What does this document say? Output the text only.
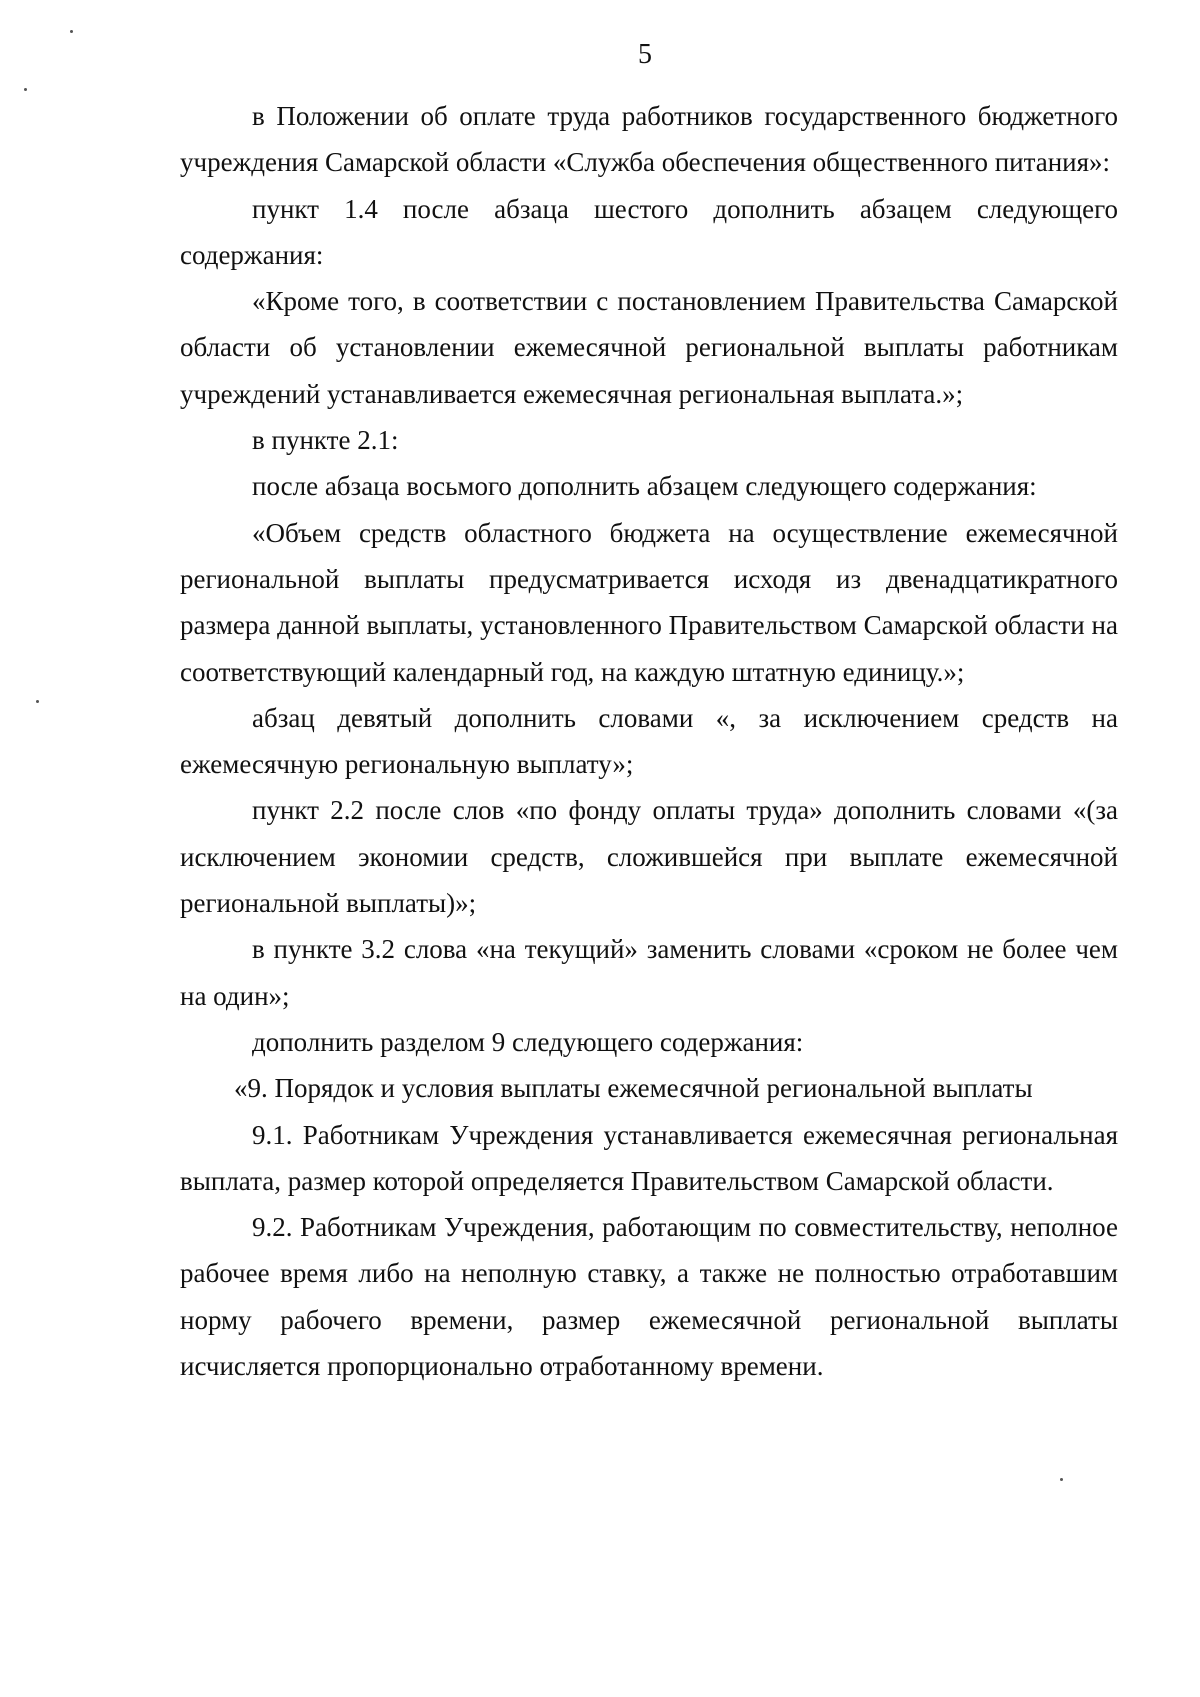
5

в Положении об оплате труда работников государственного бюджетного учреждения Самарской области «Служба обеспечения общественного питания»:

пункт 1.4 после абзаца шестого дополнить абзацем следующего содержания:

«Кроме того, в соответствии с постановлением Правительства Самарской области об установлении ежемесячной региональной выплаты работникам учреждений устанавливается ежемесячная региональная выплата.»;

в пункте 2.1:

после абзаца восьмого дополнить абзацем следующего содержания:

«Объем средств областного бюджета на осуществление ежемесячной региональной выплаты предусматривается исходя из двенадцатикратного размера данной выплаты, установленного Правительством Самарской области на соответствующий календарный год, на каждую штатную единицу.»;

абзац девятый дополнить словами «, за исключением средств на ежемесячную региональную выплату»;

пункт 2.2 после слов «по фонду оплаты труда» дополнить словами «(за исключением экономии средств, сложившейся при выплате ежемесячной региональной выплаты)»;

в пункте 3.2 слова «на текущий» заменить словами «сроком не более чем на один»;

дополнить разделом 9 следующего содержания:

«9. Порядок и условия выплаты ежемесячной региональной выплаты

9.1. Работникам Учреждения устанавливается ежемесячная региональная выплата, размер которой определяется Правительством Самарской области.

9.2. Работникам Учреждения, работающим по совместительству, неполное рабочее время либо на неполную ставку, а также не полностью отработавшим норму рабочего времени, размер ежемесячной региональной выплаты исчисляется пропорционально отработанному времени.
